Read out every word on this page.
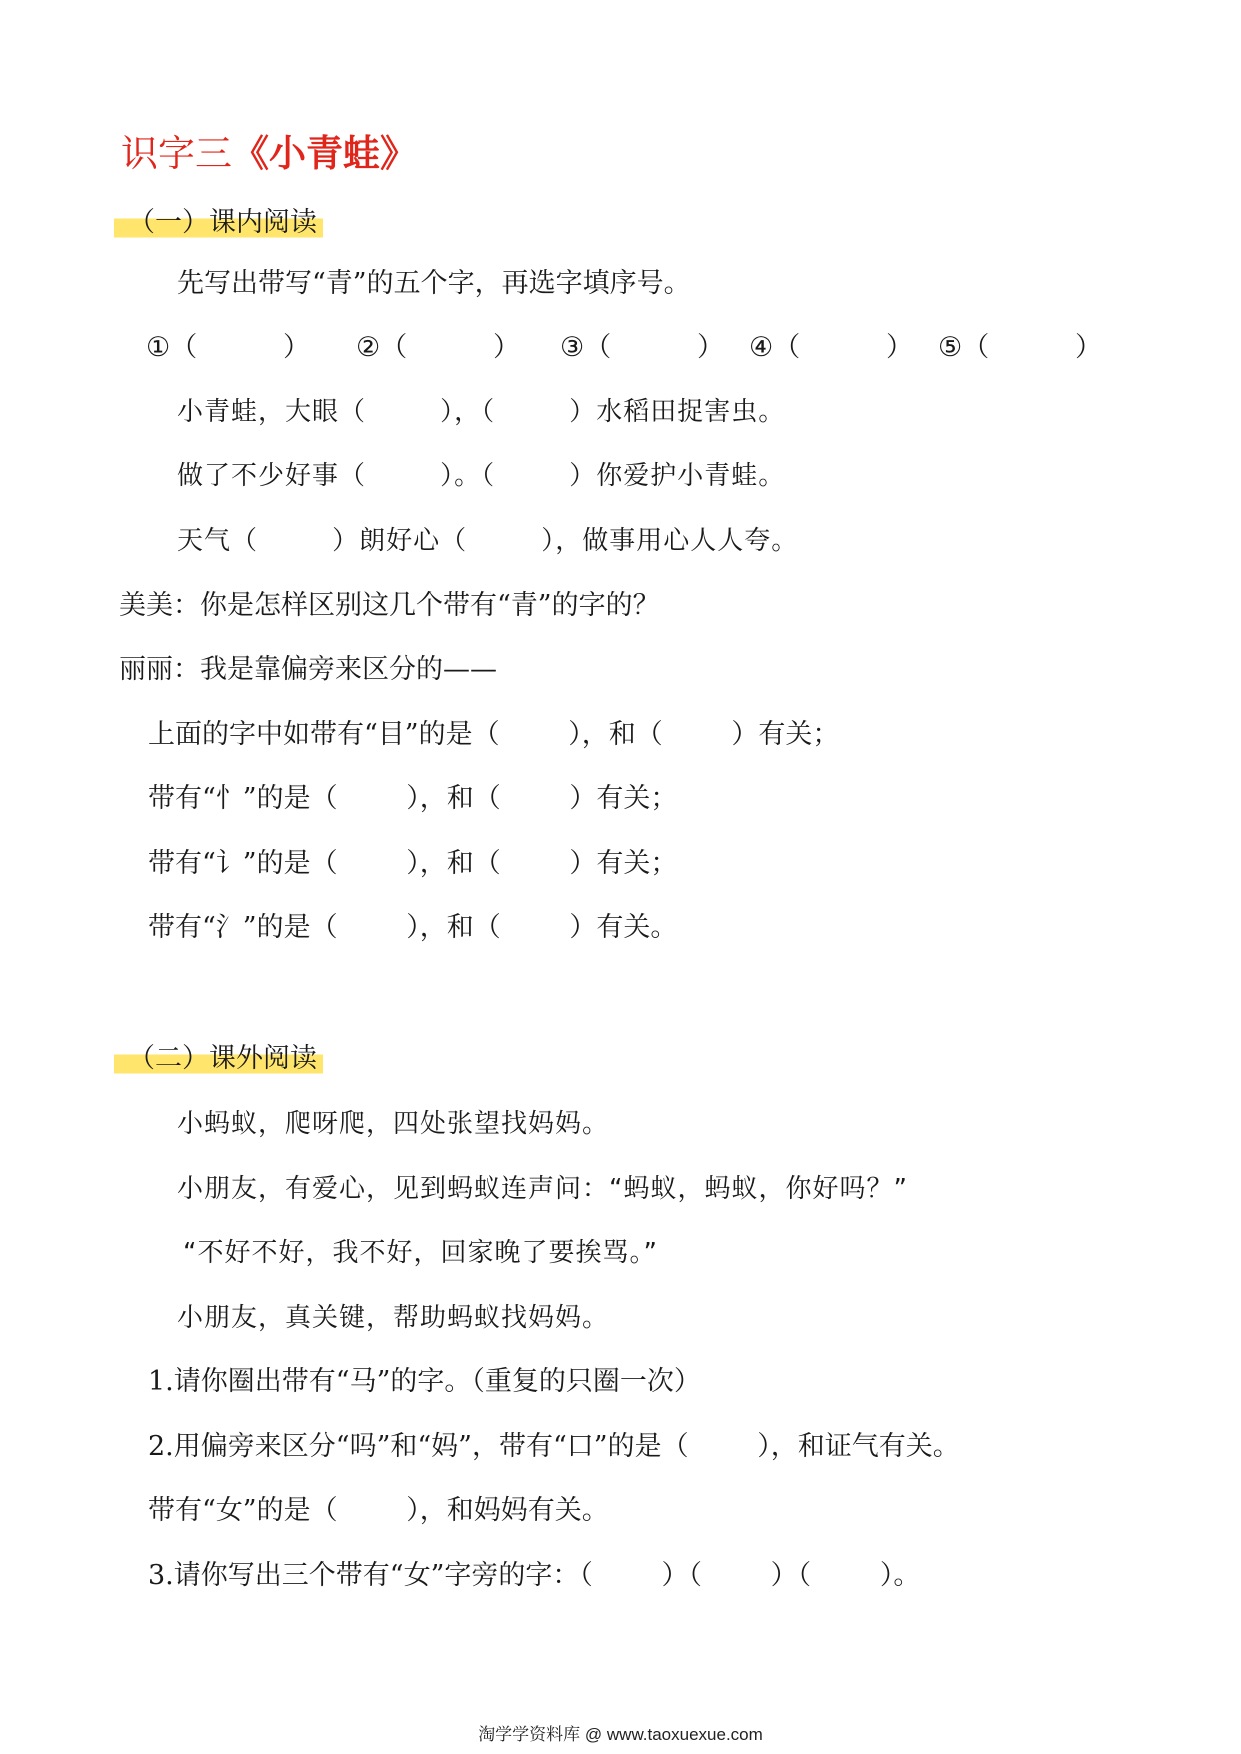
识字三《小青蛙》
（一）课内阅读
先写出带写“青”的五个字，再选字填序号。
①（          ） ②（          ） ③（          ） ④（          ） ⑤（          ）
小青蛙，大眼（        ），（        ）水稻田捉害虫。
做了不少好事（        ）。（        ）你爱护小青蛙。
天气（        ）朗好心（        ），做事用心人人夸。
美美：你是怎样区别这几个带有“青”的字的？
丽丽：我是靠偏旁来区分的——
上面的字中如带有“目”的是（        ），和（        ）有关；
带有“忄”的是（        ），和（        ）有关；
带有“讠”的是（        ），和（        ）有关；
带有“氵”的是（        ），和（        ）有关。
（二）课外阅读
小蚂蚁，爬呀爬，四处张望找妈妈。
小朋友，有爱心，见到蚂蚁连声问：“蚂蚁，蚂蚁，你好吗？”
“不好不好，我不好，回家晚了要挨骂。”
小朋友，真关键，帮助蚂蚁找妈妈。
1.请你圈出带有“马”的字。（重复的只圈一次）
2.用偏旁来区分“吗”和“妈”，带有“口”的是（        ），和证气有关。
带有“女”的是（        ），和妈妈有关。
3.请你写出三个带有“女”字旁的字：（        ）（        ）（        ）。
淘学学资料库 @ www.taoxuexue.com
